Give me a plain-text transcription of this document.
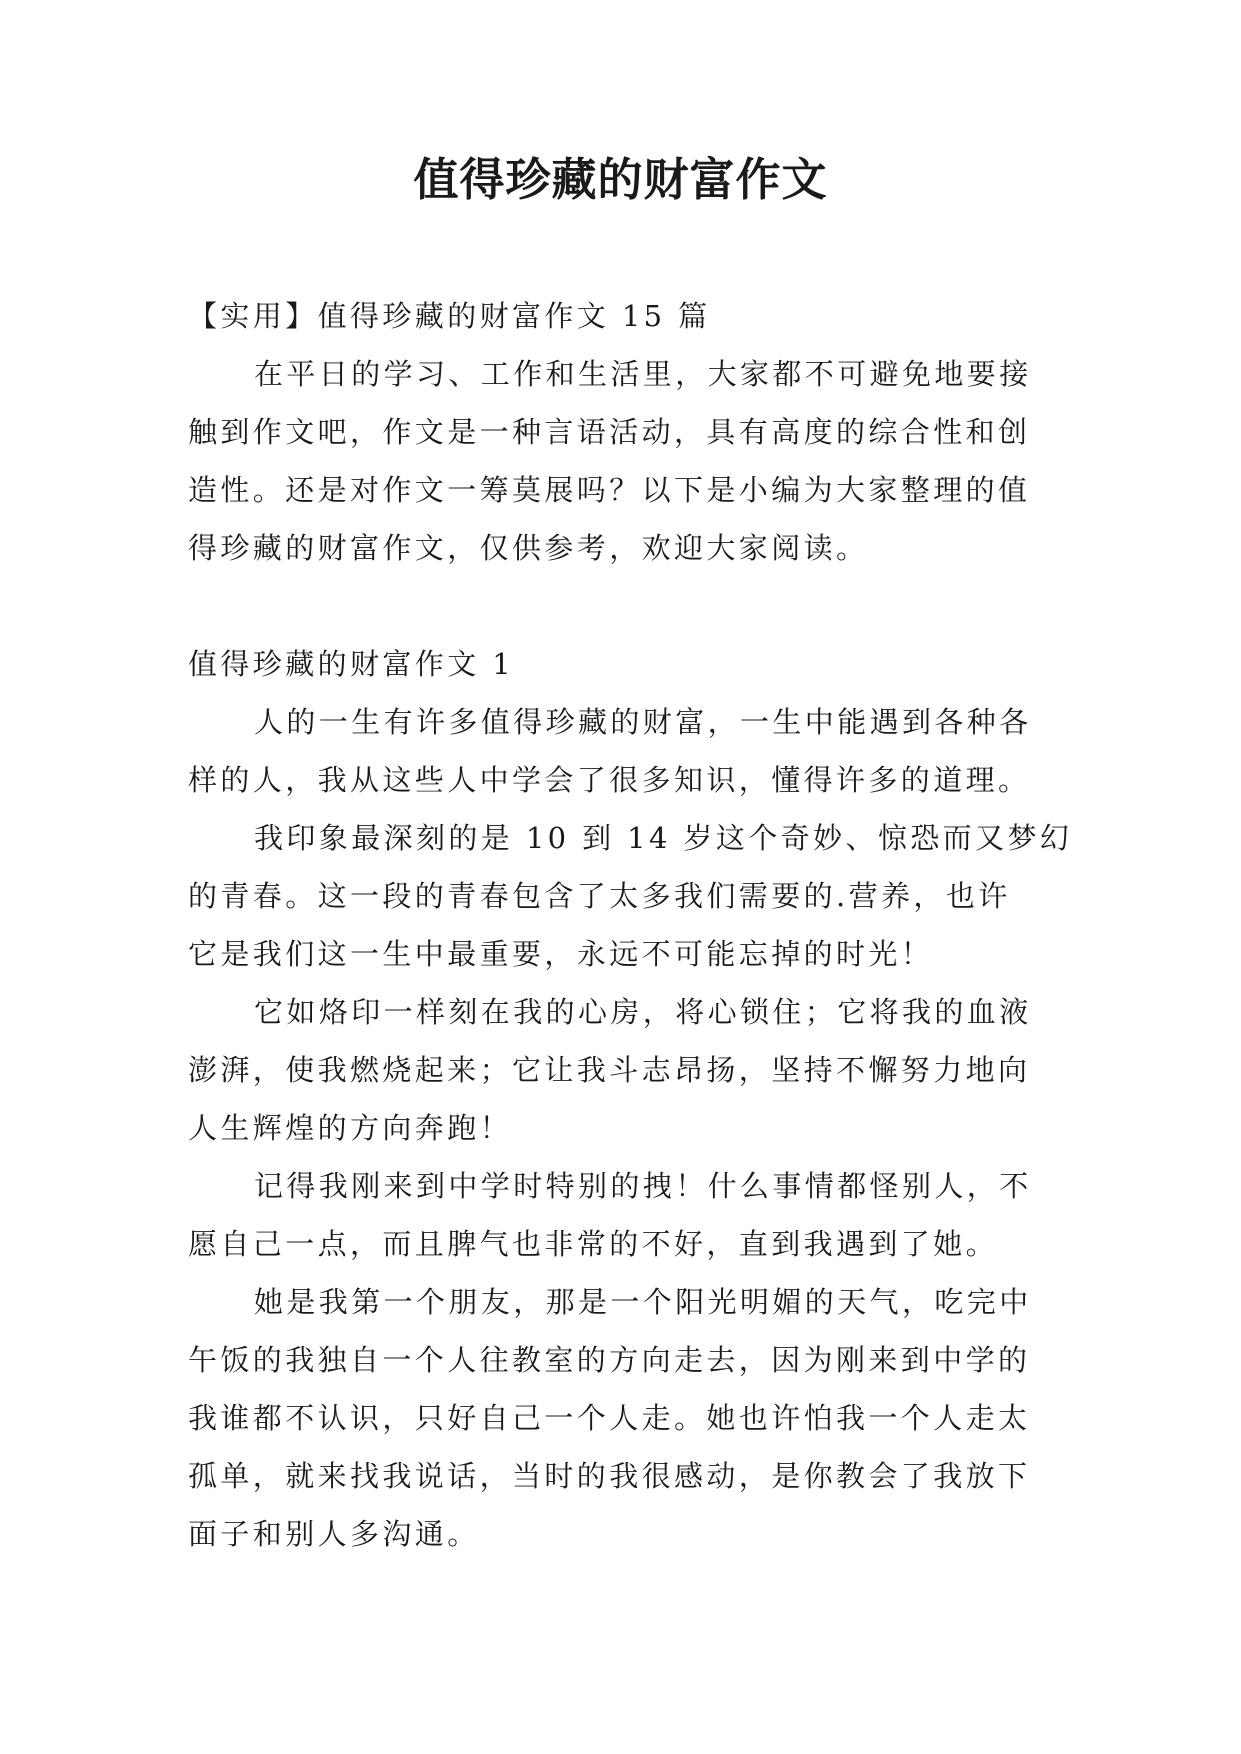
值得珍藏的财富作文
【实用】值得珍藏的财富作文 15 篇
在平日的学习、工作和生活里，大家都不可避免地要接
触到作文吧，作文是一种言语活动，具有高度的综合性和创
造性。还是对作文一筹莫展吗？以下是小编为大家整理的值
得珍藏的财富作文，仅供参考，欢迎大家阅读。
值得珍藏的财富作文 1
人的一生有许多值得珍藏的财富，一生中能遇到各种各
样的人，我从这些人中学会了很多知识，懂得许多的道理。
我印象最深刻的是 10 到 14 岁这个奇妙、惊恐而又梦幻
的青春。这一段的青春包含了太多我们需要的.营养，也许
它是我们这一生中最重要，永远不可能忘掉的时光！
它如烙印一样刻在我的心房，将心锁住；它将我的血液
澎湃，使我燃烧起来；它让我斗志昂扬，坚持不懈努力地向
人生辉煌的方向奔跑！
记得我刚来到中学时特别的拽！什么事情都怪别人，不
愿自己一点，而且脾气也非常的不好，直到我遇到了她。
她是我第一个朋友，那是一个阳光明媚的天气，吃完中
午饭的我独自一个人往教室的方向走去，因为刚来到中学的
我谁都不认识，只好自己一个人走。她也许怕我一个人走太
孤单，就来找我说话，当时的我很感动，是你教会了我放下
面子和别人多沟通。
